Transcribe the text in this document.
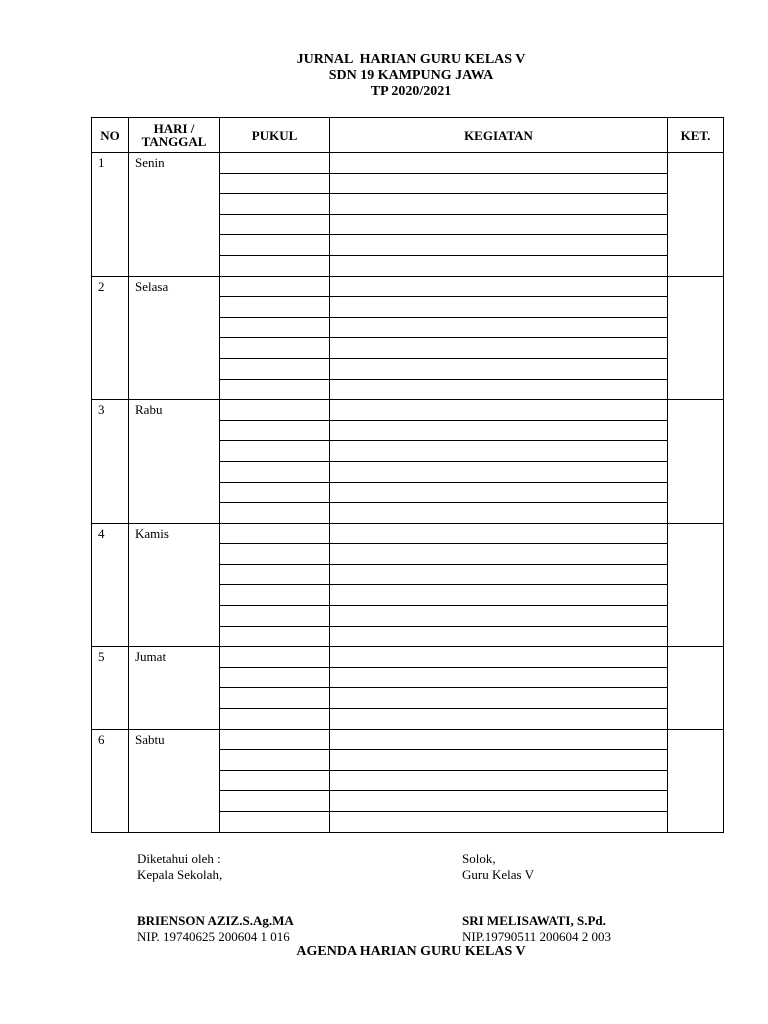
JURNAL  HARIAN GURU KELAS V
SDN 19 KAMPUNG JAWA
TP 2020/2021
NO	HARI / TANGGAL	PUKUL	KEGIATAN	KET.
1	Senin			

2	Selasa			

3	Rabu			

4	Kamis			

5	Jumat			

6	Sabtu			

Diketahui oleh :
Kepala Sekolah,
BRIENSON AZIZ.S.Ag.MA
NIP. 19740625 200604 1 016
Solok,
Guru Kelas V
SRI MELISAWATI, S.Pd.
NIP.19790511 200604 2 003
AGENDA HARIAN GURU KELAS V
